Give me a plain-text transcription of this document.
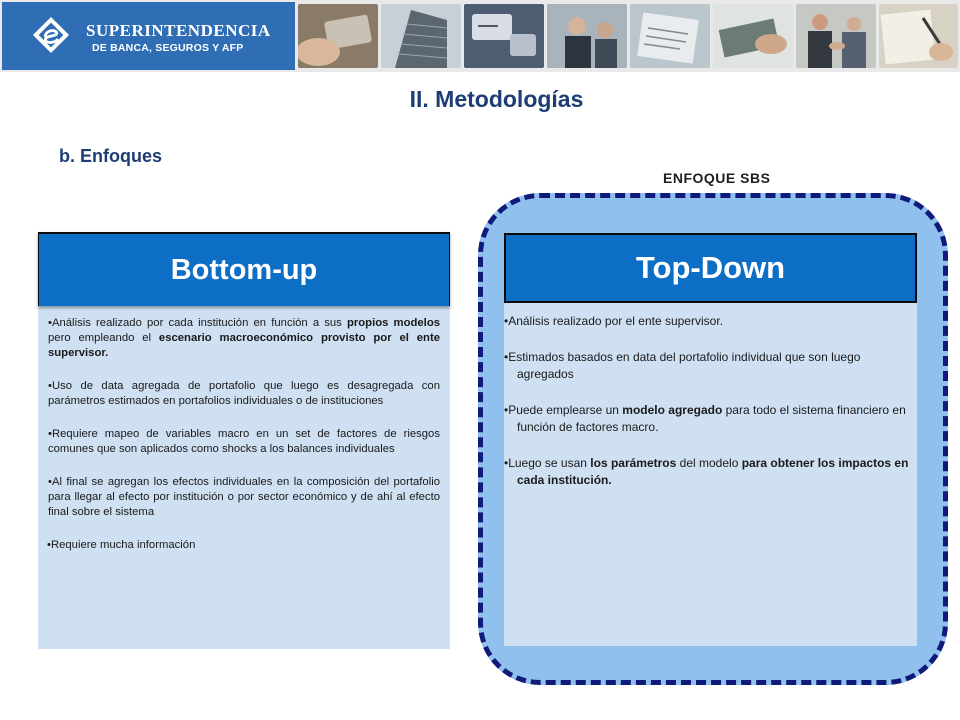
SUPERINTENDENCIA
DE BANCA, SEGUROS Y AFP
II. Metodologías
b. Enfoques
ENFOQUE SBS
Bottom-up

•Análisis realizado por cada institución en función a sus propios modelos pero empleando el escenario macroeconómico provisto por el ente supervisor.

•Uso de data agregada de portafolio que luego es desagregada con parámetros estimados en portafolios individuales o de instituciones

•Requiere mapeo de variables macro en un set de factores de riesgos comunes que son aplicados como shocks a los balances individuales

•Al final se agregan los efectos individuales en la composición del portafolio para llegar al efecto por institución o por sector económico y de ahí al efecto final sobre el sistema

•Requiere mucha información

Top-Down

•Análisis realizado por el ente supervisor.

•Estimados basados en data del portafolio individual que son luego agregados

•Puede emplearse un modelo agregado para todo el sistema financiero en función de factores macro.

•Luego se usan los parámetros del modelo para obtener los impactos en cada institución.
